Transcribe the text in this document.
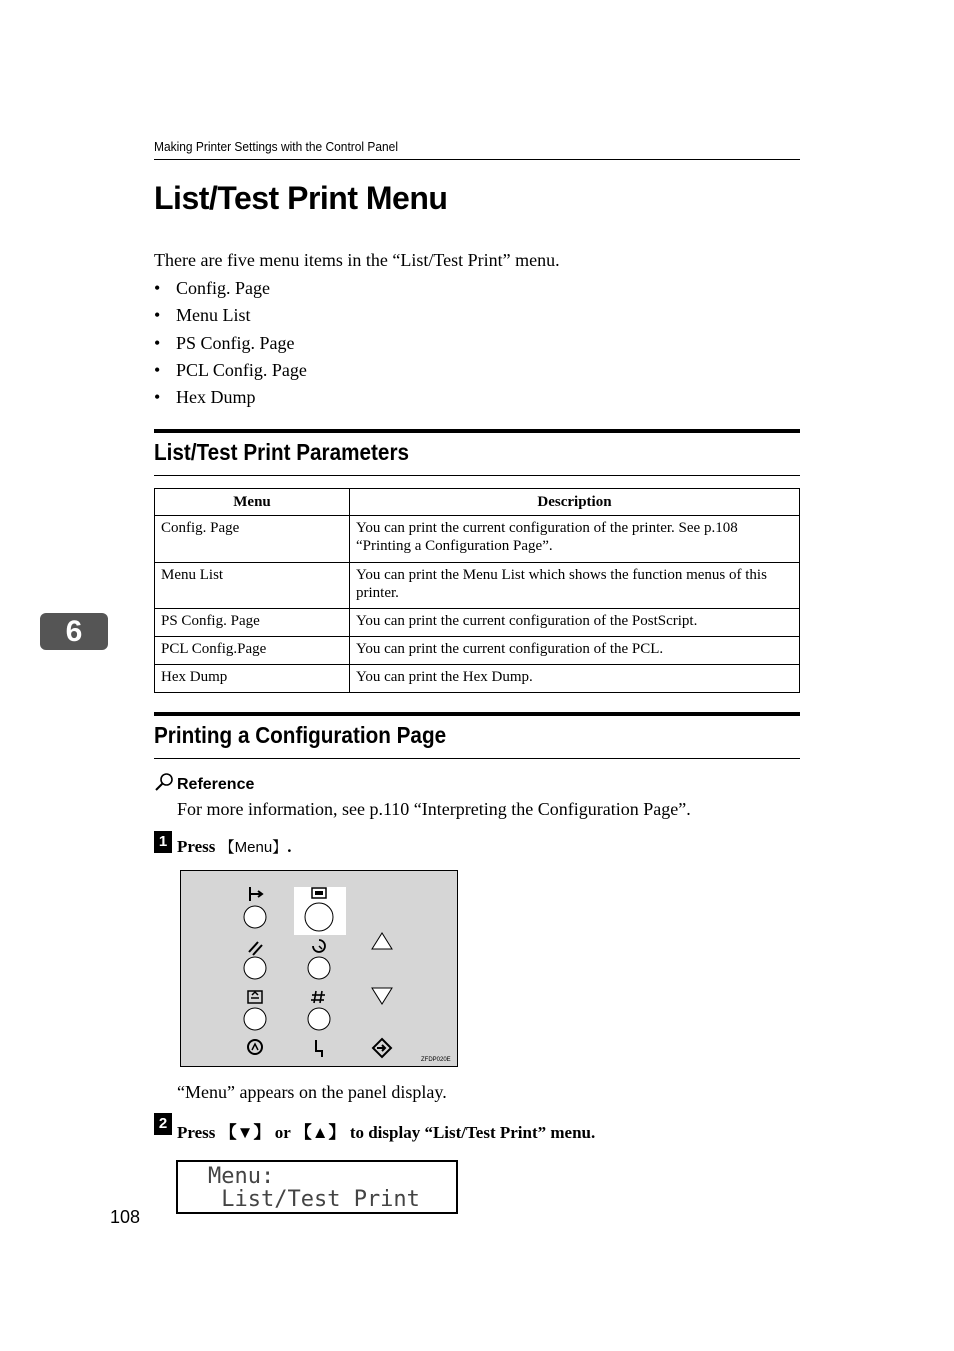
Making Printer Settings with the Control Panel
List/Test Print Menu
There are five menu items in the “List/Test Print” menu.
• Config. Page
• Menu List
• PS Config. Page
• PCL Config. Page
• Hex Dump
List/Test Print Parameters
Menu	Description
Config. Page	You can print the current configuration of the printer. See p.108 “Printing a Configuration Page”.
Menu List	You can print the Menu List which shows the function menus of this printer.
PS Config. Page	You can print the current configuration of the PostScript.
PCL Config.Page	You can print the current configuration of the PCL.
Hex Dump	You can print the Hex Dump.
Printing a Configuration Page
Reference
For more information, see p.110 “Interpreting the Configuration Page”.
1 Press 【Menu】.
ZFDP020E
“Menu” appears on the panel display.
2 Press 【▼】 or 【▲】 to display “List/Test Print” menu.
Menu:
List/Test Print
6
108
